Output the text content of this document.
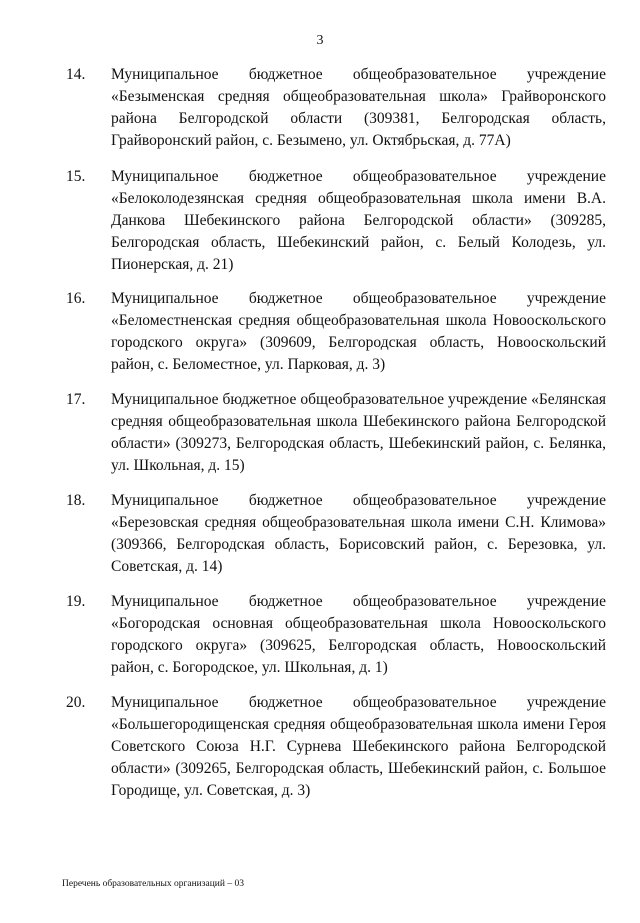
3
14. Муниципальное бюджетное общеобразовательное учреждение «Безыменская средняя общеобразовательная школа» Грайворонского района Белгородской области (309381, Белгородская область, Грайворонский район, с. Безымено, ул. Октябрьская, д. 77А)
15. Муниципальное бюджетное общеобразовательное учреждение «Белоколодезянская средняя общеобразовательная школа имени В.А. Данкова Шебекинского района Белгородской области» (309285, Белгородская область, Шебекинский район, с. Белый Колодезь, ул. Пионерская, д. 21)
16. Муниципальное бюджетное общеобразовательное учреждение «Беломестненская средняя общеобразовательная школа Новооскольского городского округа» (309609, Белгородская область, Новооскольский район, с. Беломестное, ул. Парковая, д. 3)
17. Муниципальное бюджетное общеобразовательное учреждение «Белянская средняя общеобразовательная школа Шебекинского района Белгородской области» (309273, Белгородская область, Шебекинский район, с. Белянка, ул. Школьная, д. 15)
18. Муниципальное бюджетное общеобразовательное учреждение «Березовская средняя общеобразовательная школа имени С.Н. Климова» (309366, Белгородская область, Борисовский район, с. Березовка, ул. Советская, д. 14)
19. Муниципальное бюджетное общеобразовательное учреждение «Богородская основная общеобразовательная школа Новооскольского городского округа» (309625, Белгородская область, Новооскольский район, с. Богородское, ул. Школьная, д. 1)
20. Муниципальное бюджетное общеобразовательное учреждение «Большегородищенская средняя общеобразовательная школа имени Героя Советского Союза Н.Г. Сурнева Шебекинского района Белгородской области» (309265, Белгородская область, Шебекинский район, с. Большое Городище, ул. Советская, д. 3)
Перечень образовательных организаций – 03
